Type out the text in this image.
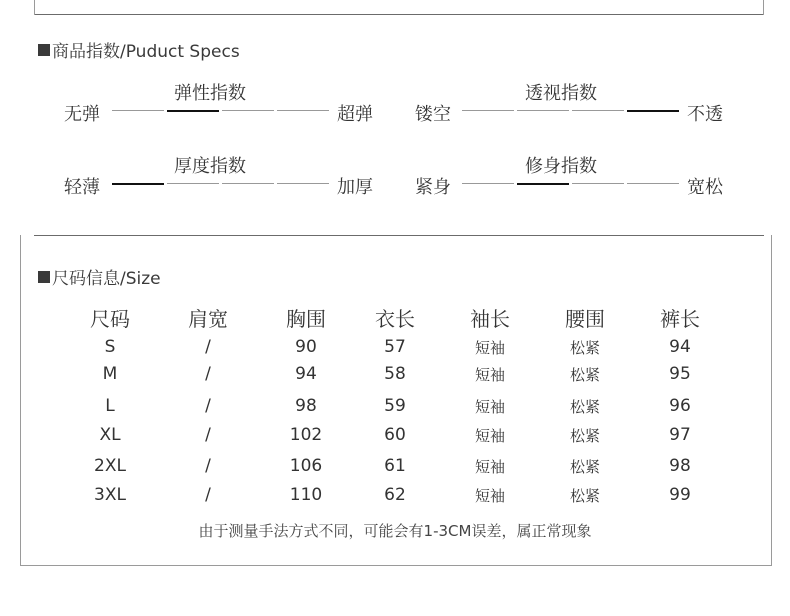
商品指数/Puduct Specs
弹性指数
无弹	超弹
透视指数
镂空	不透
厚度指数
轻薄	加厚
修身指数
紧身	宽松
尺码信息/Size
尺码	肩宽	胸围 衣长	袖长	腰围	裤长
S	/	90	57	短袖	松紧	94
M	/	94	58	短袖	松紧	95
L	/	98	59	短袖	松紧	96
XL	/	102	60	短袖	松紧	97
2XL	/	106	61	短袖	松紧	98
3XL	/	110	62	短袖	松紧	99
由于测量手法方式不同，可能会有1-3CM误差，属正常现象
